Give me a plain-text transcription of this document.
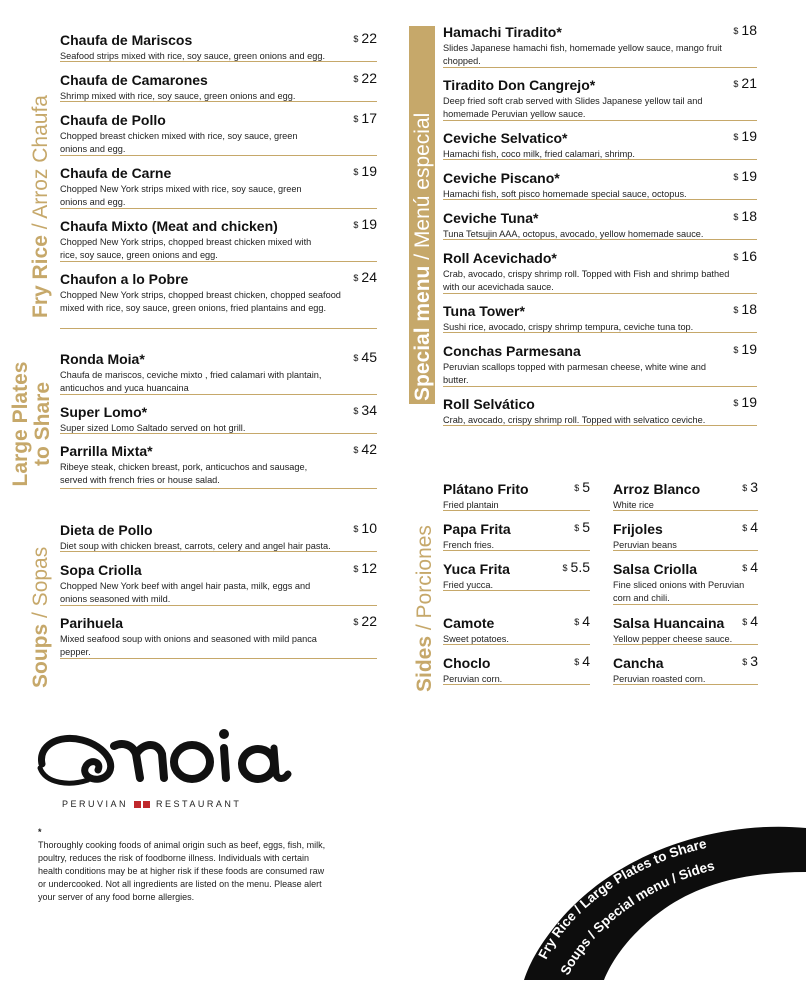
Fry Rice / Arroz Chaufa
Chaufa de Mariscos	$ 22
Seafood strips mixed with rice, soy sauce, green onions and egg.
Chaufa de Camarones	$ 22
Shrimp mixed with rice, soy sauce, green onions and egg.
Chaufa de Pollo	$ 17
Chopped breast chicken mixed with rice, soy sauce, green onions and egg.
Chaufa de Carne	$ 19
Chopped New York strips mixed with rice, soy sauce, green onions and egg.
Chaufa Mixto (Meat and chicken)	$ 19
Chopped New York strips, chopped breast chicken mixed with rice, soy sauce, green onions and egg.
Chaufon a lo Pobre	$ 24
Chopped New York strips, chopped breast chicken, chopped seafood mixed with rice, soy sauce, green onions, fried plantains and egg.
Large Plates to Share
Ronda Moia*	$ 45
Chaufa de mariscos, ceviche mixto , fried calamari with plantain, anticuchos and yuca huancaina
Super Lomo*	$ 34
Super sized Lomo Saltado served on hot grill.
Parrilla Mixta*	$ 42
Ribeye steak, chicken breast, pork, anticuchos and sausage, served with french fries or house salad.
Soups / Sopas
Dieta de Pollo	$ 10
Diet soup with chicken breast, carrots, celery and angel hair pasta.
Sopa Criolla	$ 12
Chopped New York beef with angel hair pasta, milk, eggs and onions seasoned with mild.
Parihuela	$ 22
Mixed seafood soup with onions and seasoned with mild panca pepper.
Special menu / Menú especial
Hamachi Tiradito*	$ 18
Slides Japanese hamachi fish, homemade yellow sauce, mango fruit chopped.
Tiradito Don Cangrejo*	$ 21
Deep fried soft crab served with Slides Japanese yellow tail and homemade Peruvian yellow sauce.
Ceviche Selvatico*	$ 19
Hamachi fish, coco milk, fried calamari, shrimp.
Ceviche Piscano*	$ 19
Hamachi fish, soft pisco homemade special sauce, octopus.
Ceviche Tuna*	$ 18
Tuna Tetsujin AAA, octopus, avocado, yellow homemade sauce.
Roll Acevichado*	$ 16
Crab, avocado, crispy shrimp roll. Topped with Fish and shrimp bathed with our acevichada sauce.
Tuna Tower*	$ 18
Sushi rice, avocado, crispy shrimp tempura, ceviche tuna top.
Conchas Parmesana	$ 19
Peruvian scallops topped with parmesan cheese, white wine and butter.
Roll Selvático	$ 19
Crab, avocado, crispy shrimp roll. Topped with selvatico ceviche.
Sides / Porciones
Plátano Frito	$ 5
Fried plantain
Papa Frita	$ 5
French fries.
Yuca Frita	$ 5.5
Fried yucca.
Camote	$ 4
Sweet potatoes.
Choclo	$ 4
Peruvian corn.
Arroz Blanco	$ 3
White rice
Frijoles	$ 4
Peruvian beans
Salsa Criolla	$ 4
Fine sliced onions with Peruvian corn and chili.
Salsa Huancaina	$ 4
Yellow pepper cheese sauce.
Cancha	$ 3
Peruvian roasted corn.
PERUVIAN	RESTAURANT
*
Thoroughly cooking foods of animal origin such as beef, eggs, fish, milk, poultry, reduces the risk of foodborne illness. Individuals with certain health conditions may be at higher risk if these foods are consumed raw or undercooked. Not all ingredients are listed on the menu. Please alert your server of any food borne allergies.
Fry Rice / Large Plates to Share
Soups / Special menu / Sides
